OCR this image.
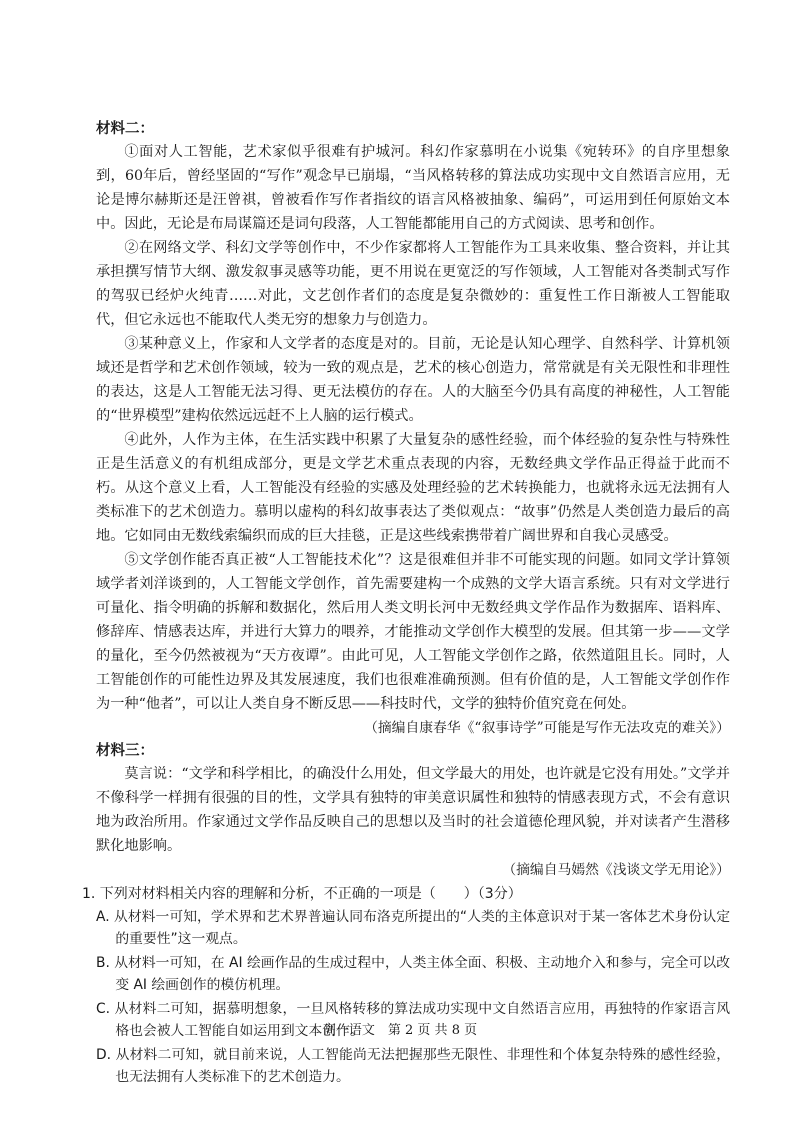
材料二：

①面对人工智能，艺术家似乎很难有护城河。科幻作家慕明在小说集《宛转环》的自序里想象到，60年后，曾经坚固的“写作”观念早已崩塌，“当风格转移的算法成功实现中文自然语言应用，无论是博尔赫斯还是汪曾祺，曾被看作写作者指纹的语言风格被抽象、编码”，可运用到任何原始文本中。因此，无论是布局谋篇还是词句段落，人工智能都能用自己的方式阅读、思考和创作。

②在网络文学、科幻文学等创作中，不少作家都将人工智能作为工具来收集、整合资料，并让其承担撰写情节大纲、激发叙事灵感等功能，更不用说在更宽泛的写作领域，人工智能对各类制式写作的驾驭已经炉火纯青……对此，文艺创作者们的态度是复杂微妙的：重复性工作日渐被人工智能取代，但它永远也不能取代人类无穷的想象力与创造力。

③某种意义上，作家和人文学者的态度是对的。目前，无论是认知心理学、自然科学、计算机领域还是哲学和艺术创作领域，较为一致的观点是，艺术的核心创造力，常常就是有关无限性和非理性的表达，这是人工智能无法习得、更无法模仿的存在。人的大脑至今仍具有高度的神秘性，人工智能的“世界模型”建构依然远远赶不上人脑的运行模式。

④此外，人作为主体，在生活实践中积累了大量复杂的感性经验，而个体经验的复杂性与特殊性正是生活意义的有机组成部分，更是文学艺术重点表现的内容，无数经典文学作品正得益于此而不朽。从这个意义上看，人工智能没有经验的实感及处理经验的艺术转换能力，也就将永远无法拥有人类标准下的艺术创造力。慕明以虚构的科幻故事表达了类似观点：“故事”仍然是人类创造力最后的高地。它如同由无数线索编织而成的巨大挂毯，正是这些线索携带着广阔世界和自我心灵感受。

⑤文学创作能否真正被“人工智能技术化”？这是很难但并非不可能实现的问题。如同文学计算领域学者刘洋谈到的，人工智能文学创作，首先需要建构一个成熟的文学大语言系统。只有对文学进行可量化、指令明确的拆解和数据化，然后用人类文明长河中无数经典文学作品作为数据库、语料库、修辞库、情感表达库，并进行大算力的喂养，才能推动文学创作大模型的发展。但其第一步——文学的量化，至今仍然被视为“天方夜谭”。由此可见，人工智能文学创作之路，依然道阻且长。同时，人工智能创作的可能性边界及其发展速度，我们也很难准确预测。但有价值的是，人工智能文学创作作为一种“他者”，可以让人类自身不断反思——科技时代，文学的独特价值究竟在何处。

（摘编自康春华《“叙事诗学”可能是写作无法攻克的难关》）

材料三：

莫言说：“文学和科学相比，的确没什么用处，但文学最大的用处，也许就是它没有用处。”文学并不像科学一样拥有很强的目的性，文学具有独特的审美意识属性和独特的情感表现方式，不会有意识地为政治所用。作家通过文学作品反映自己的思想以及当时的社会道德伦理风貌，并对读者产生潜移默化地影响。

（摘编自马嫣然《浅谈文学无用论》）

1. 下列对材料相关内容的理解和分析，不正确的一项是（　　）（3分）

A. 从材料一可知，学术界和艺术界普遍认同布洛克所提出的“人类的主体意识对于某一客体艺术身份认定的重要性”这一观点。

B. 从材料一可知，在 AI 绘画作品的生成过程中，人类主体全面、积极、主动地介入和参与，完全可以改变 AI 绘画创作的模仿机理。

C. 从材料二可知，据慕明想象，一旦风格转移的算法成功实现中文自然语言应用，再独特的作家语言风格也会被人工智能自如运用到文本创作。

D. 从材料二可知，就目前来说，人工智能尚无法把握那些无限性、非理性和个体复杂特殊的感性经验，也无法拥有人类标准下的艺术创造力。

高一语文　第 2 页 共 8 页
